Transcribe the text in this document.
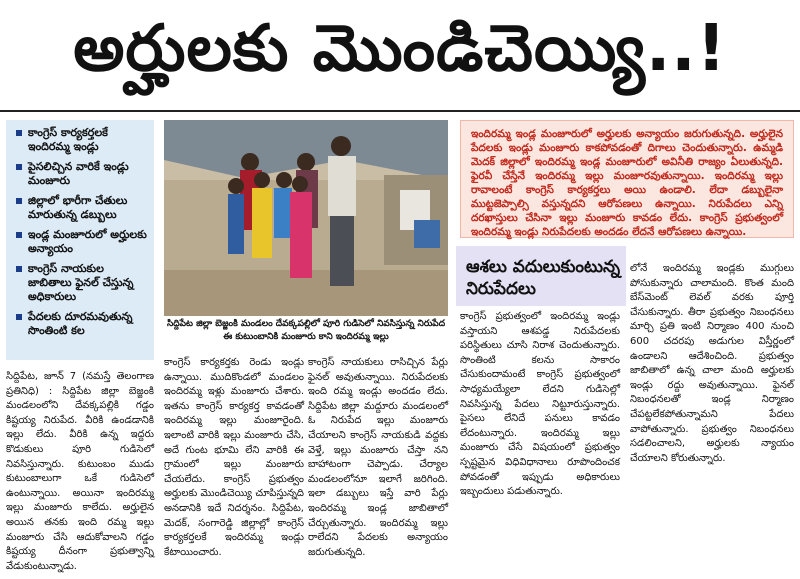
అర్హులకు మొండిచెయ్యి..!
కాంగ్రెస్ కార్యకర్తలకే ఇందిరమ్మ ఇండ్లు
పైసలిచ్చిన వారికే ఇండ్లు మంజూరు
జిల్లాలో భారీగా చేతులు మారుతున్న డబ్బులు
ఇండ్ల మంజూరులో అర్హులకు అన్యాయం
కాంగ్రెస్ నాయకుల జాబితాలు ఫైనల్ చేస్తున్న అధికారులు
పేదలకు దూరమవుతున్న సొంతింటి కల	సిద్దిపేట జిల్లా బెజ్జంకి మండలం దేవక్కపల్లిలో పూరి గుడిసెలో నివసిస్తున్న నిరుపేద ఈ కుటుంబానికి మంజూరు కాని ఇందిరమ్మ ఇల్లు
ఇందిరమ్మ ఇండ్ల మంజూరులో అర్హులకు అన్యాయం జరుగుతున్నది. అర్హులైన పేదలకు ఇండ్లు మంజూరు కాకపోవడంతో దిగాలు చెందుతున్నారు. ఉమ్మడి మెదక్ జిల్లాలో ఇందిరమ్మ ఇండ్ల మంజూరులో అవినీతి రాజ్యం ఏలుతున్నది. ఫైరవీ చేస్తేనే ఇందిరమ్మ ఇల్లు మంజూరవుతున్నాయి. ఇందిరమ్మ ఇల్లు రావాలంటే కాంగ్రెస్ కార్యకర్తలు అయి ఉండాలి. లేదా డబ్బులైనా ముట్టజెప్పాల్సి వస్తున్నదని ఆరోపణలు ఉన్నాయి. నిరుపేదలు ఎన్ని దరఖాస్తులు చేసినా ఇల్లు మంజూరు కావడం లేదు. కాంగ్రెస్ ప్రభుత్వంలో ఇందిరమ్మ ఇండ్లు నిరుపేదలకు అందడం లేదనే ఆరోపణలు ఉన్నాయి.
సిద్దిపేట, జూన్ 7 (నమస్తే తెలంగాణ ప్రతినిధి) : సిద్దిపేట జిల్లా బెజ్జంకి మండలంలోని దేవక్కపల్లికి గడ్డం కిష్టయ్య నిరుపేద. వీరికి ఉండడానికి ఇల్లు లేదు. వీరికి ఉన్న ఇద్దరు కొడుకులు పూరి గుడిసెలో నివసిస్తున్నారు. కుటుంబం ముడు కుటుంబాలుగా ఒకే గుడిసెలో ఉంటున్నాయి. అయినా ఇందిరమ్మ ఇల్లు మంజూరు కాలేదు. అర్హులైన అయిన తనకు ఇంది రమ్మ ఇల్లు మంజూరు చేసి ఆదుకోవాలని గడ్డం కిష్టయ్య దీనంగా ప్రభుత్వాన్ని వేడుకుంటున్నాడు.
కాంగ్రెస్ కార్యకర్తకు రెండు ఇండ్లు ఉన్నాయి. ముదికొండలో మండలం ఇందిరమ్మ ఇళ్లు మంజూరు చేశారు. ఇతను కాంగ్రెస్ కార్యకర్త కావడంతో ఇందిరమ్మ ఇల్లు మంజూరైంది. ఇలాంటి వారికి ఇల్లు మంజూరు చేసి, అదే గుంట భూమి లేని వారికి ఈ గ్రామంలో ఇల్లు మంజూరు చేయలేదు. కాంగ్రెస్ ప్రభుత్వం అర్హులకు మొండిచెయ్యి చూపిస్తున్నది అనడానికి ఇదే నిదర్శనం. సిద్దిపేట, మెదక్, సంగారెడ్డి జిల్లాల్లో కాంగ్రెస్ కార్యకర్తలకే ఇందిరమ్మ ఇండ్లు కేటాయించారు.
కాంగ్రెస్ నాయకులు రాసిచ్చిన పేర్లు ఫైనల్ అవుతున్నాయి. నిరుపేదలకు ఇంది రమ్మ ఇండ్లు అందడం లేదు. సిద్దిపేట జిల్లా మద్దూరు మండలంలో ఓ నిరుపేద ఇల్లు మంజూరు చేయాలని కాంగ్రెస్ నాయకుడి వద్దకు వెళ్తే, ఇల్లు మంజూరు చేస్తా నని బాహాటంగా చెప్పాడు. చేర్యాల మండలంలోనూ ఇలాగే జరిగింది. ఇలా డబ్బులు ఇస్తే వారి పేర్లు ఇందిరమ్మ ఇండ్ల జాబితాలో చేర్చుతున్నారు. ఇందిరమ్మ ఇల్లు రాలేదని పేదలకు అన్యాయం జరుగుతున్నది.
ఆశలు వదులుకుంటున్న నిరుపేదలు
కాంగ్రెస్ ప్రభుత్వంలో ఇందిరమ్మ ఇండ్లు వస్తాయని ఆశపడ్డ నిరుపేదలకు పరిస్థితులు చూసి నిరాశ చెందుతున్నారు. సొంతింటి కలను సాకారం చేసుకుందామంటే కాంగ్రెస్ ప్రభుత్వంలో సాధ్యమయ్యేలా లేదని గుడిసెల్లో నివసిస్తున్న పేదలు నిట్టూరుస్తున్నారు. పైసలు లేనిదే పనులు కావడం లేదంటున్నారు. ఇందిరమ్మ ఇల్లు మంజూరు చేసే విషయంలో ప్రభుత్వం స్పష్టమైన విధివిధానాలు రూపొందించక పోవడంతో ఇప్పుడు అధికారులు ఇబ్బందులు పడుతున్నారు.
లోనే ఇందిరమ్మ ఇండ్లకు ముగ్గులు పోసుకున్నారు చాలామంది. కొంత మంది బేస్‌మెంట్ లెవల్ వరకు పూర్తి చేసుకున్నారు. తీరా ప్రభుత్వం నిబంధనలు మార్చి ప్రతి ఇంటి నిర్మాణం 400 నుంచి 600 చదరపు అడుగుల విస్తీర్ణంలో ఉండాలని ఆదేశించింది. ప్రభుత్వం జాబితాలో ఉన్న చాలా మంది అర్హులకు ఇండ్లు రద్దు అవుతున్నాయి. ఫైనల్ నిబంధనలతో ఇండ్ల నిర్మాణం చేపట్టలేకపోతున్నామని పేదలు వాపోతున్నారు. ప్రభుత్వం నిబంధనలు సడలించాలని, అర్హులకు న్యాయం చేయాలని కోరుతున్నారు.
